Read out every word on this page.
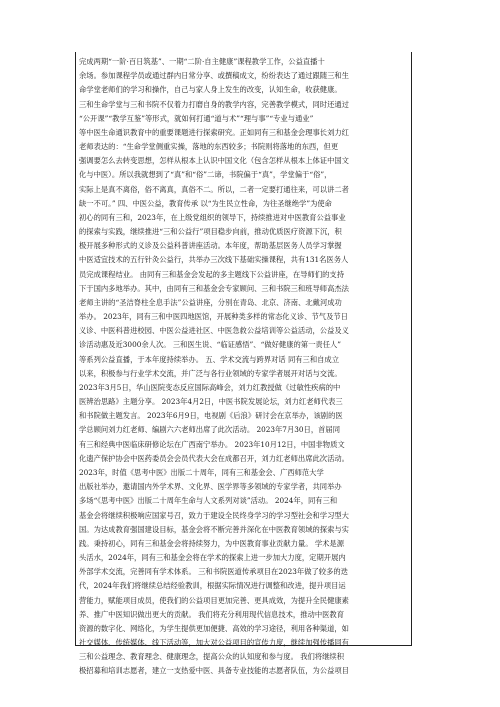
完成两期“一阶·百日筑基”、一期“二阶·自主健康”课程教学工作，公益直播十
余场。参加课程学员或通过群内日常分享、或撰稿成文，纷纷表达了通过跟随三和生
命学堂老师们的学习和操作，自己与家人身上发生的改变，认知生命，收获健康。
三和生命学堂与三和书院不仅着力打磨自身的教学内容，完善教学模式，同时还通过
“公开课”“教学互鉴”等形式，就如何打通“道与术”“理与事”“专业与通业”
等中医生命通识教育中的重要课题进行探索研究。正如同有三和基金会理事长刘力红
老师表达的：“生命学堂侧重实操，落地的东西较多；书院则将落地的东西，但更
强调要怎么去转变思想，怎样从根本上认识中国文化（包含怎样从根本上体证中国文
化与中医）。所以我就想到了“真”和“俗”二谛，书院偏于“真”，学堂偏于“俗”，
实际上是真不离俗，俗不离真，真俗不二。所以，二者一定要打通往来，可以讲二者
缺一不可。” 四、中医公益，教育传承 以“为生民立性命，为往圣继绝学”为使命
初心的同有三和，2023年，在上级党组织的领导下，持续推进对中医教育公益事业
的探索与实践，继续推进“三和公益行”项目稳步向前，推动优质医疗资源下沉，积
极开展多种形式的义诊及公益科普讲座活动。本年度，帮助基层医务人员学习掌握
中医适宜技术的五行针灸公益行，共举办三次线下基础实操课程，共有131名医务人
员完成课程结业。 由同有三和基金会发起的多主题线下公益讲座，在导师们的支持
下于国内多地举办。其中，由同有三和基金会专家顾问、三和书院三和班导师高杰法
老师主讲的“圣洁脊柱全息手法”公益讲座，分别在青岛、北京、济南、北戴河成功
举办。 2023年，同有三和中医四地医馆，开展种类多样的常态化义诊、节气及节日
义诊、中医科普进校园、中医公益进社区、中医急救公益培训等公益活动，公益及义
诊活动惠及近3000余人次。 三和医生说、“临证感悟”、“做好健康的第一责任人”
等系列公益直播，于本年度持续举办。 五、学术交流与跨界对话 同有三和自成立
以来，积极参与行业学术交流，并广泛与各行业领域的专家学者展开对话与交流。
2023年3月5日，华山医院变态反应国际高峰会，刘力红教授做《过敏性疾病的中
医辨治思路》主题分享。 2023年4月2日，中医书院发展论坛，刘力红老师代表三
和书院做主题发言。 2023年6月9日，电视剧《后浪》研讨会在京举办，该剧的医
学总顾问刘力红老师、编剧六六老师出席了此次活动。 2023年7月30日，首届同
有三和经典中医临床研修论坛在广西南宁举办。 2023年10月12日，中国非物质文
化遗产保护协会中医药委员会会员代表大会在成都召开，刘力红老师出席此次活动。
2023年，时值《思考中医》出版二十周年，同有三和基金会、广西师范大学
出版社举办，邀请国内外学术界、文化界、医学界等多领域的专家学者，共同举办
多场“《思考中医》出版二十周年生命与人文系列对谈”活动。 2024年，同有三和
基金会将继续积极响应国家号召，致力于建设全民终身学习的学习型社会和学习型大
国。为达成教育强国建设目标，基金会将不断完善并深化在中医教育领域的探索与实
践。秉持初心，同有三和基金会将持续努力，为中医教育事业贡献力量。 学术是源
头活水，2024年，同有三和基金会将在学术的探索上进一步加大力度，定期开展内
外部学术交流，完善同有学术体系。 三和书院医道传承项目在2023年做了较多的迭
代，2024年我们将继续总结经验教训，根据实际情况进行调整和改进，提升项目运
营能力，赋能项目成员，使我们的公益项目更加完善、更具成效，为提升全民健康素
养、推广中医知识做出更大的贡献。 我们将充分利用现代信息技术，推动中医教育
资源的数字化、网络化，为学生提供更加便捷、高效的学习途径，利用各种渠道，如
社交媒体、传统媒体、线下活动等，加大对公益项目的宣传力度，继续加强传播同有
三和公益理念、教育理念、健康理念，提高公众的认知度和参与度。 我们将继续积
极招募和培训志愿者，建立一支热爱中医、具备专业技能的志愿者队伍，为公益项目
